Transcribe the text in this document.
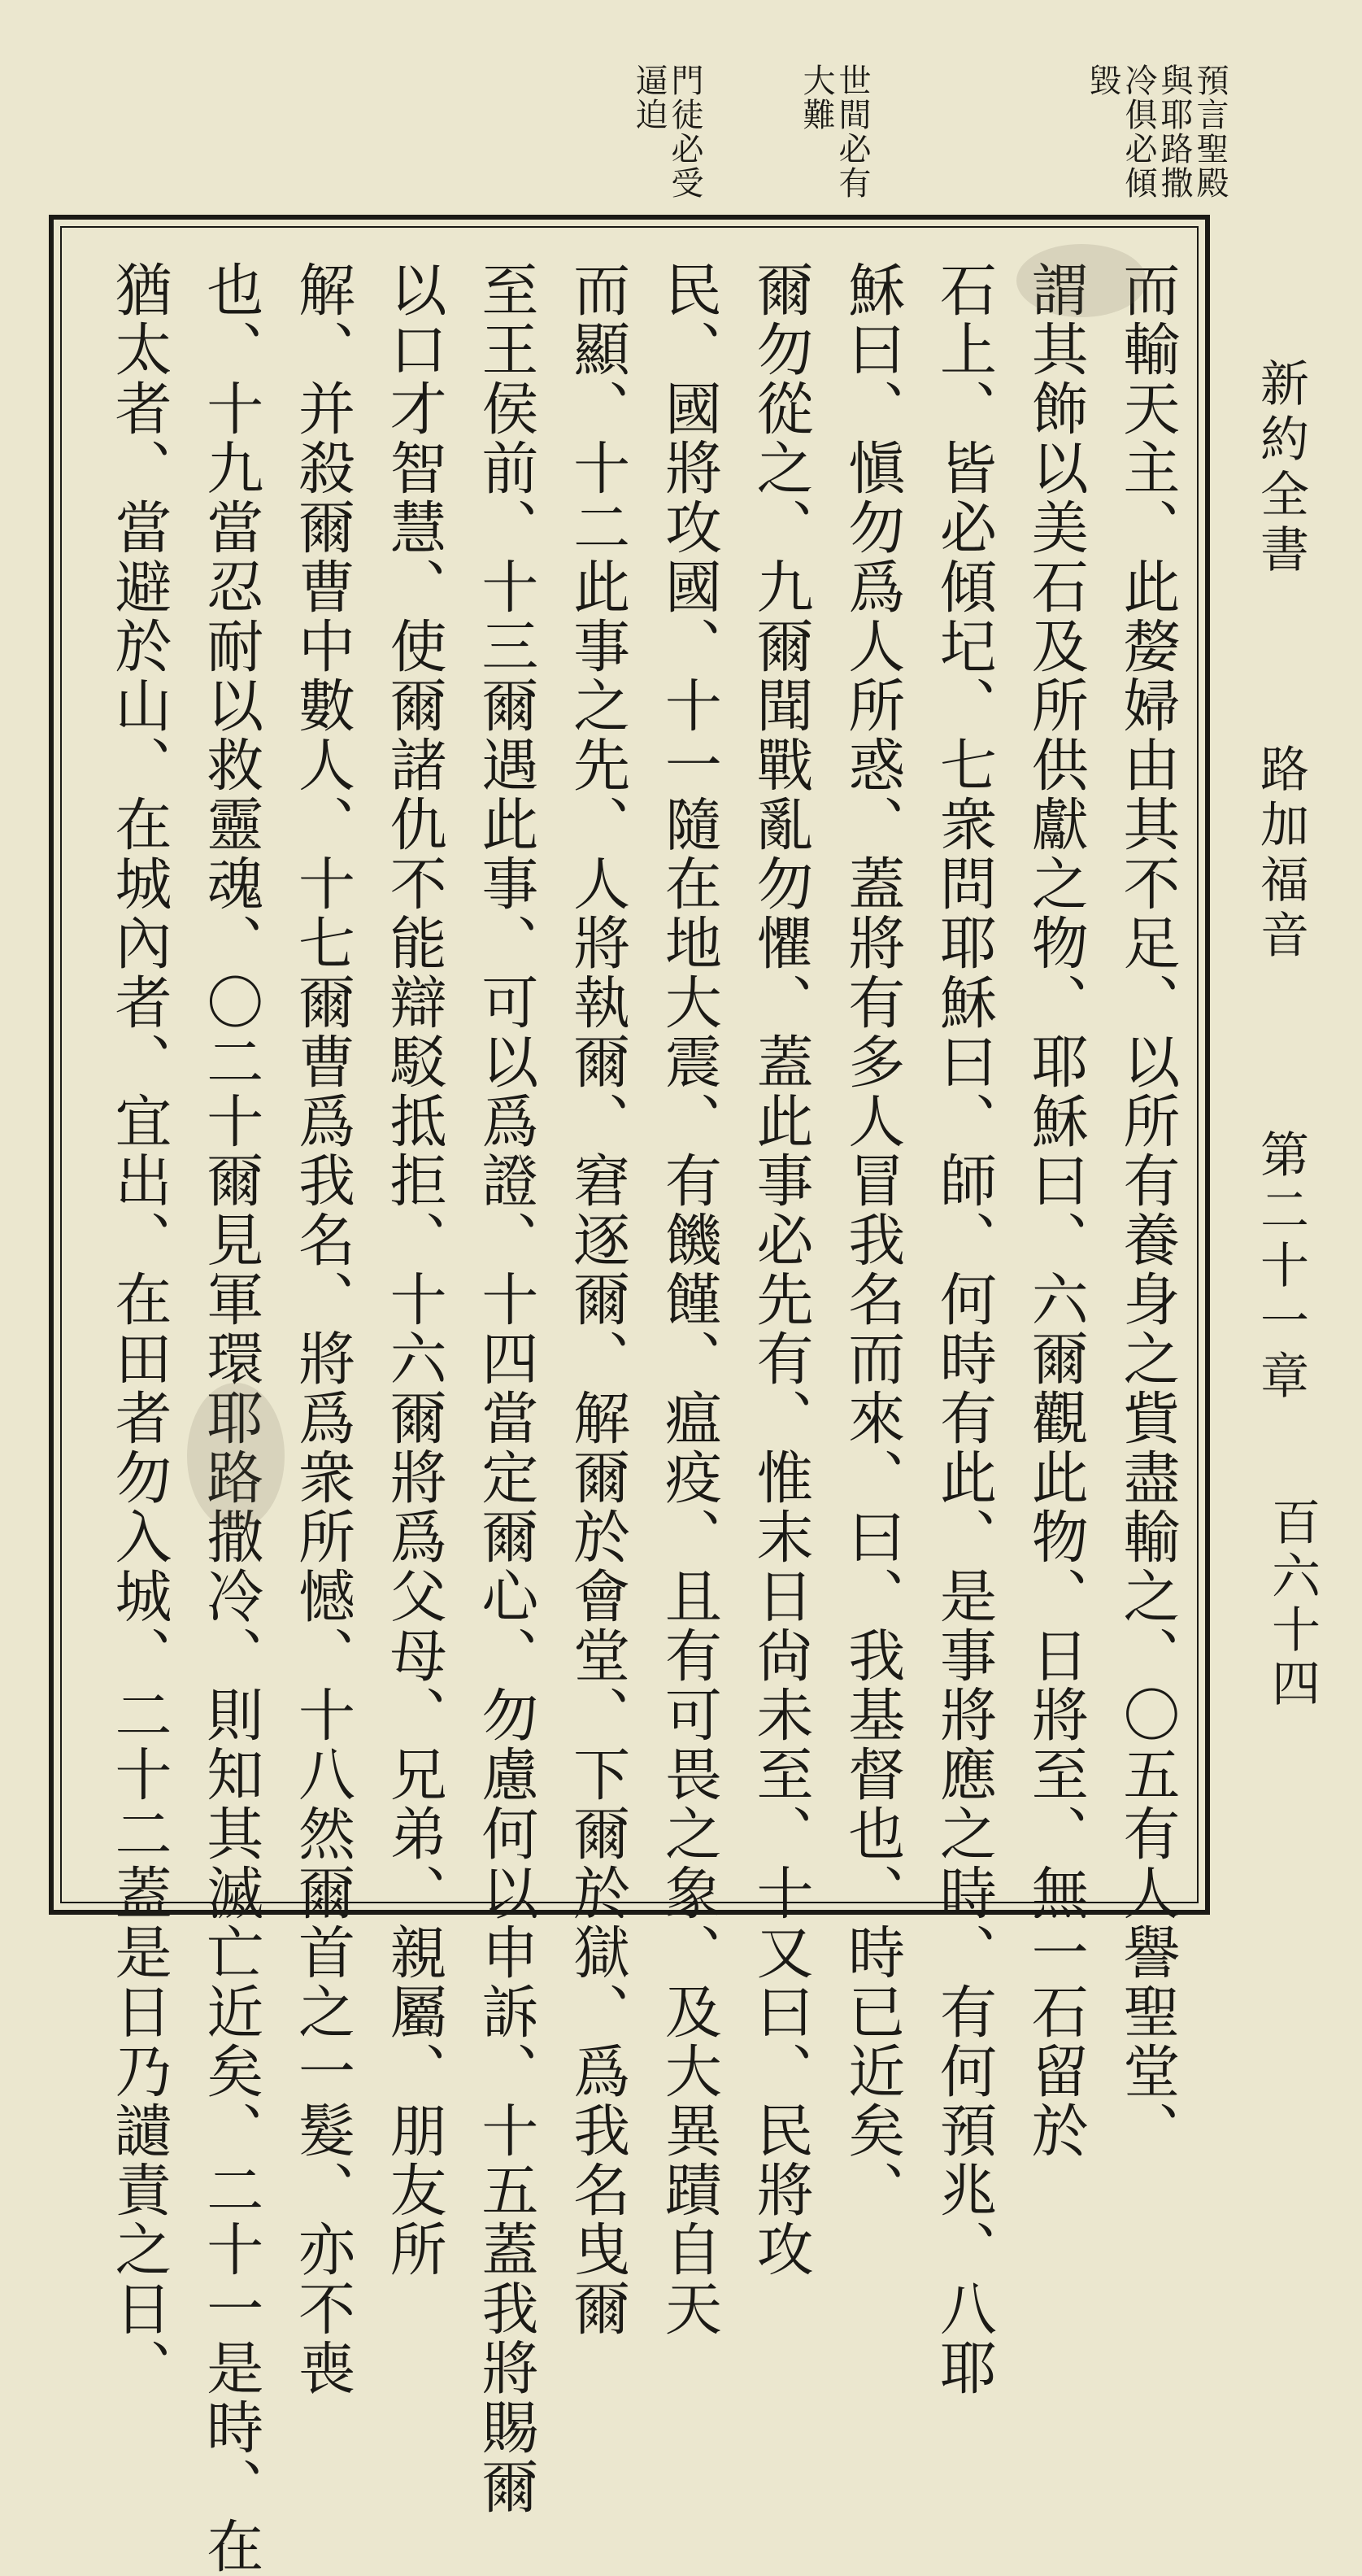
預言聖殿
與耶路撒
冷俱必傾
毀
世間必有
大難
門徒必受
逼迫
新約全書  路加福音  第二十一章
百六十四
而輸天主、此嫠婦由其不足、以所有養身之貲盡輸之、〇五有人譽聖堂、
謂其飾以美石及所供獻之物、耶穌曰、六爾觀此物、日將至、無一石留於
石上、皆必傾圮、七衆問耶穌曰、師、何時有此、是事將應之時、有何預兆、八耶
穌曰、愼勿爲人所惑、蓋將有多人冒我名而來、曰、我基督也、時已近矣、
爾勿從之、九爾聞戰亂勿懼、蓋此事必先有、惟末日尙未至、十又曰、民將攻
民、國將攻國、十一隨在地大震、有饑饉、瘟疫、且有可畏之象、及大異蹟自天
而顯、十二此事之先、人將執爾、窘逐爾、解爾於會堂、下爾於獄、爲我名曳爾
至王侯前、十三爾遇此事、可以爲證、十四當定爾心、勿慮何以申訴、十五蓋我將賜爾
以口才智慧、使爾諸仇不能辯駁抵拒、十六爾將爲父母、兄弟、親屬、朋友所
解、并殺爾曹中數人、十七爾曹爲我名、將爲衆所憾、十八然爾首之一髮、亦不喪
也、十九當忍耐以救靈魂、〇二十爾見軍環耶路撒冷、則知其滅亡近矣、二十一是時、在
猶太者、當避於山、在城內者、宜出、在田者勿入城、二十二蓋是日乃讉責之日、
